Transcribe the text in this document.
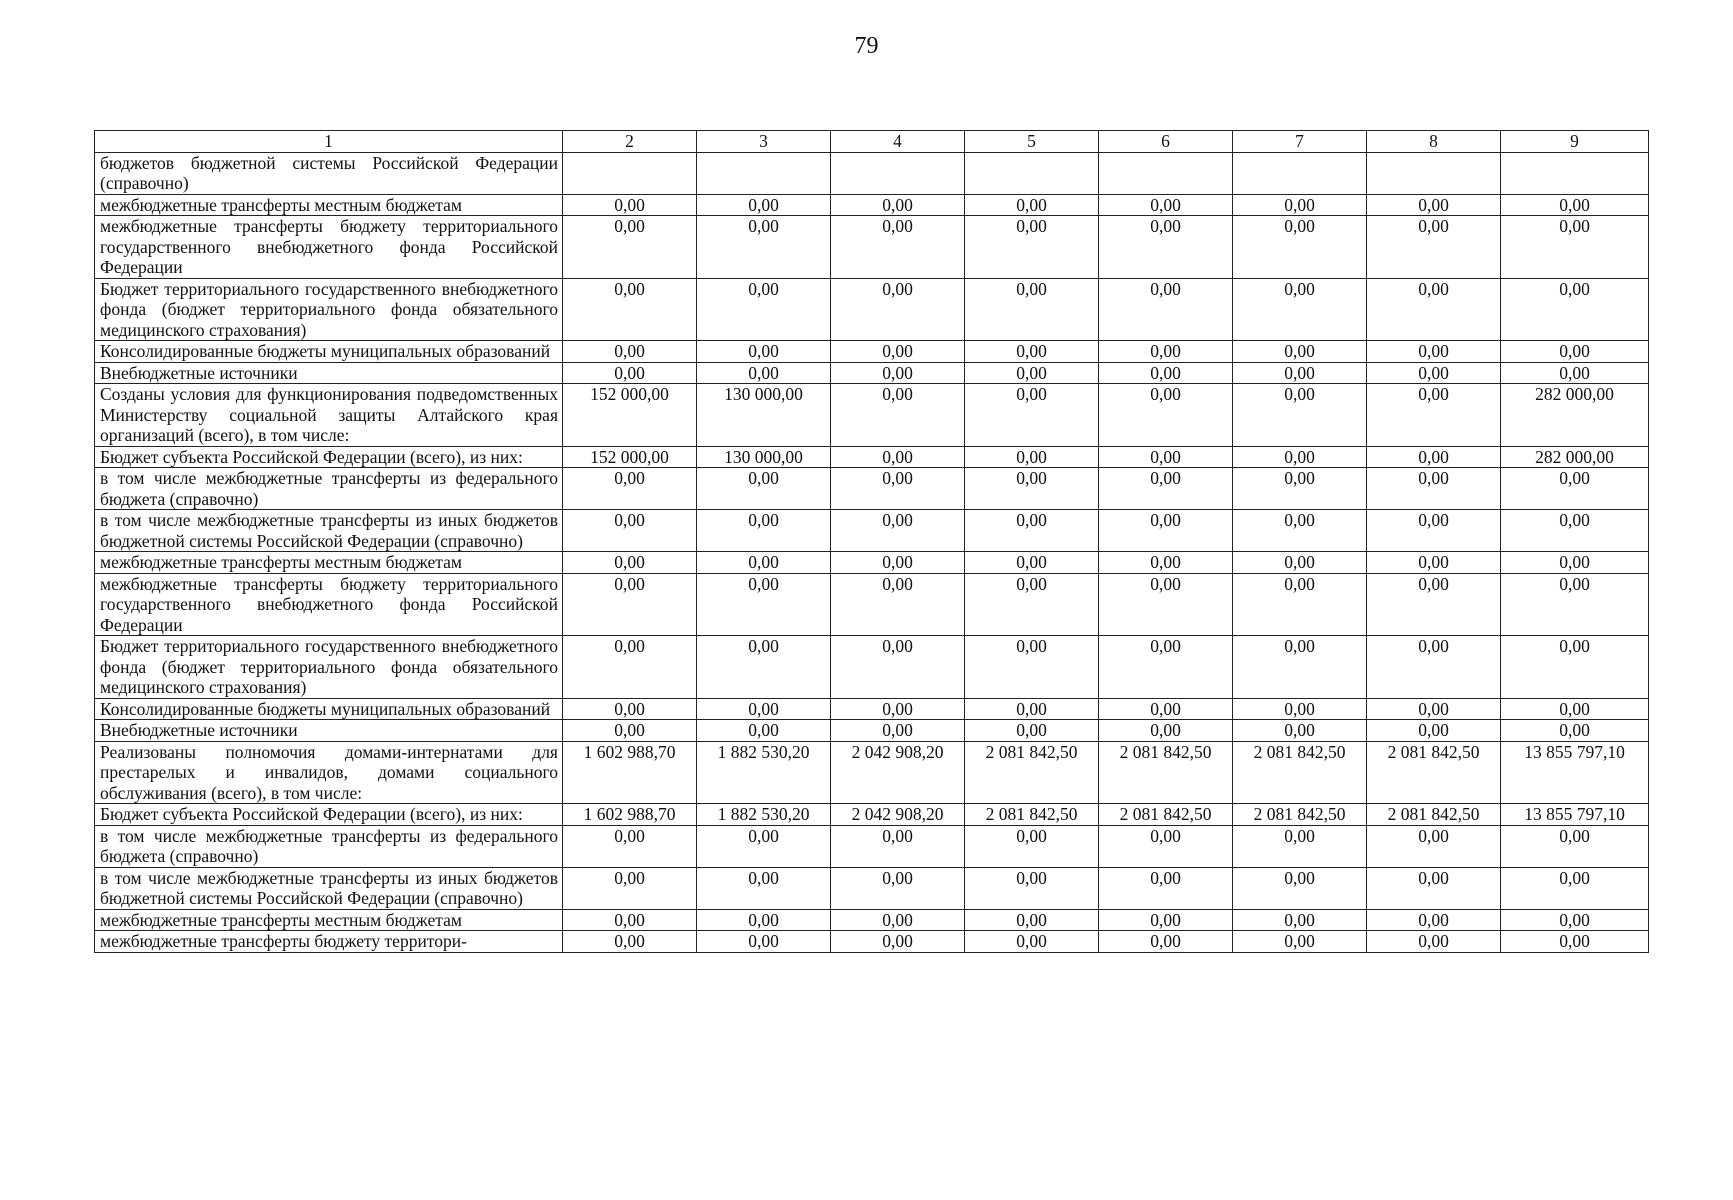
79
1	2	3	4	5	6	7	8	9
бюджетов бюджетной системы Российской Федерации (справочно)								
межбюджетные трансферты местным бюджетам	0,00	0,00	0,00	0,00	0,00	0,00	0,00	0,00
межбюджетные трансферты бюджету территориального государственного внебюджетного фонда Российской Федерации	0,00	0,00	0,00	0,00	0,00	0,00	0,00	0,00
Бюджет территориального государственного внебюджетного фонда (бюджет территориального фонда обязательного медицинского страхования)	0,00	0,00	0,00	0,00	0,00	0,00	0,00	0,00
Консолидированные бюджеты муниципальных образований	0,00	0,00	0,00	0,00	0,00	0,00	0,00	0,00
Внебюджетные источники	0,00	0,00	0,00	0,00	0,00	0,00	0,00	0,00
Созданы условия для функционирования подведомственных Министерству социальной защиты Алтайского края организаций (всего), в том числе:	152 000,00	130 000,00	0,00	0,00	0,00	0,00	0,00	282 000,00
Бюджет субъекта Российской Федерации (всего), из них:	152 000,00	130 000,00	0,00	0,00	0,00	0,00	0,00	282 000,00
в том числе межбюджетные трансферты из федерального бюджета (справочно)	0,00	0,00	0,00	0,00	0,00	0,00	0,00	0,00
в том числе межбюджетные трансферты из иных бюджетов бюджетной системы Российской Федерации (справочно)	0,00	0,00	0,00	0,00	0,00	0,00	0,00	0,00
межбюджетные трансферты местным бюджетам	0,00	0,00	0,00	0,00	0,00	0,00	0,00	0,00
межбюджетные трансферты бюджету территориального государственного внебюджетного фонда Российской Федерации	0,00	0,00	0,00	0,00	0,00	0,00	0,00	0,00
Бюджет территориального государственного внебюджетного фонда (бюджет территориального фонда обязательного медицинского страхования)	0,00	0,00	0,00	0,00	0,00	0,00	0,00	0,00
Консолидированные бюджеты муниципальных образований	0,00	0,00	0,00	0,00	0,00	0,00	0,00	0,00
Внебюджетные источники	0,00	0,00	0,00	0,00	0,00	0,00	0,00	0,00
Реализованы полномочия домами-интернатами для престарелых и инвалидов, домами социального обслуживания (всего), в том числе:	1 602 988,70	1 882 530,20	2 042 908,20	2 081 842,50	2 081 842,50	2 081 842,50	2 081 842,50	13 855 797,10
Бюджет субъекта Российской Федерации (всего), из них:	1 602 988,70	1 882 530,20	2 042 908,20	2 081 842,50	2 081 842,50	2 081 842,50	2 081 842,50	13 855 797,10
в том числе межбюджетные трансферты из федерального бюджета (справочно)	0,00	0,00	0,00	0,00	0,00	0,00	0,00	0,00
в том числе межбюджетные трансферты из иных бюджетов бюджетной системы Российской Федерации (справочно)	0,00	0,00	0,00	0,00	0,00	0,00	0,00	0,00
межбюджетные трансферты местным бюджетам	0,00	0,00	0,00	0,00	0,00	0,00	0,00	0,00
межбюджетные трансферты бюджету территори-	0,00	0,00	0,00	0,00	0,00	0,00	0,00	0,00
